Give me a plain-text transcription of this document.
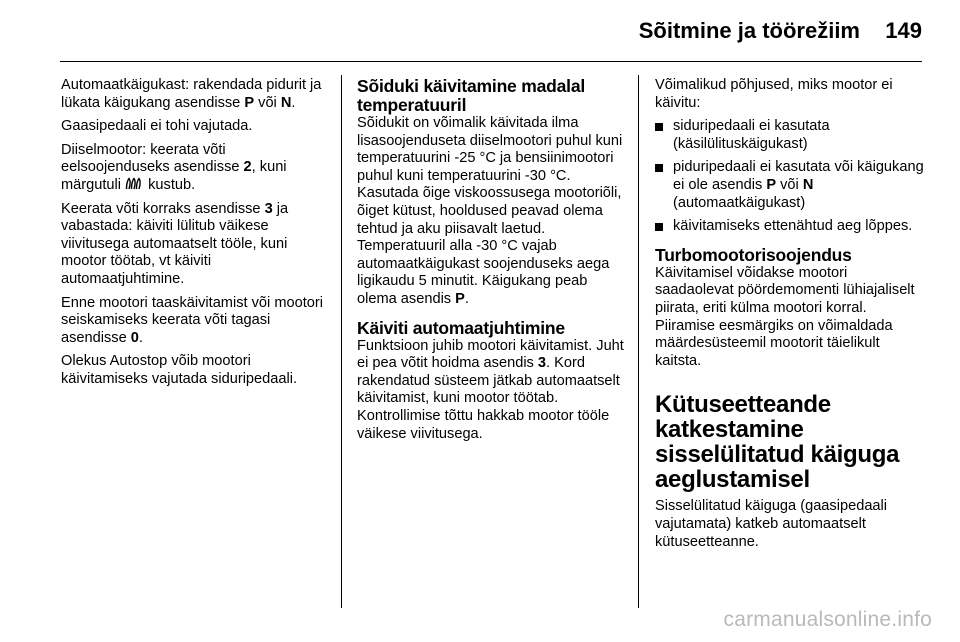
Sõitmine ja töörežiim	149

Automaatkäigukast: rakendada pidurit ja lükata käigukang asendisse P või N.

Gaasipedaali ei tohi vajutada.

Diiselmootor: keerata võti eelsoojenduseks asendisse 2, kuni märgutuli  kustub.

Keerata võti korraks asendisse 3 ja vabastada: käiviti lülitub väikese viivitusega automaatselt tööle, kuni mootor töötab, vt käiviti automaatjuhtimine.

Enne mootori taaskäivitamist või mootori seiskamiseks keerata võti tagasi asendisse 0.

Olekus Autostop võib mootori käivitamiseks vajutada siduripedaali.

Sõiduki käivitamine madalal temperatuuril

Sõidukit on võimalik käivitada ilma lisasoojenduseta diiselmootori puhul kuni temperatuurini -25 °C ja bensiinimootori puhul kuni temperatuurini -30 °C. Kasutada õige viskoossusega mootoriõli, õiget kütust, hooldused peavad olema tehtud ja aku piisavalt laetud. Temperatuuril alla -30 °C vajab automaatkäigukast soojenduseks aega ligikaudu 5 minutit. Käigukang peab olema asendis P.

Käiviti automaatjuhtimine

Funktsioon juhib mootori käivitamist. Juht ei pea võtit hoidma asendis 3. Kord rakendatud süsteem jätkab automaatselt käivitamist, kuni mootor töötab. Kontrollimise tõttu hakkab mootor tööle väikese viivitusega.

Võimalikud põhjused, miks mootor ei käivitu:

siduripedaali ei kasutata (käsilülituskäigukast)
piduripedaali ei kasutata või käigukang ei ole asendis P või N (automaatkäigukast)
käivitamiseks ettenähtud aeg lõppes.
Turbomootorisoojendus

Käivitamisel võidakse mootori saadaolevat pöördemomenti lühiajaliselt piirata, eriti külma mootori korral. Piiramise eesmärgiks on võimaldada määrdesüsteemil mootorit täielikult kaitsta.

Kütuseetteande katkestamine sisselülitatud käiguga aeglustamisel

Sisselülitatud käiguga (gaasipedaali vajutamata) katkeb automaatselt kütuseetteanne.

carmanualsonline.info
